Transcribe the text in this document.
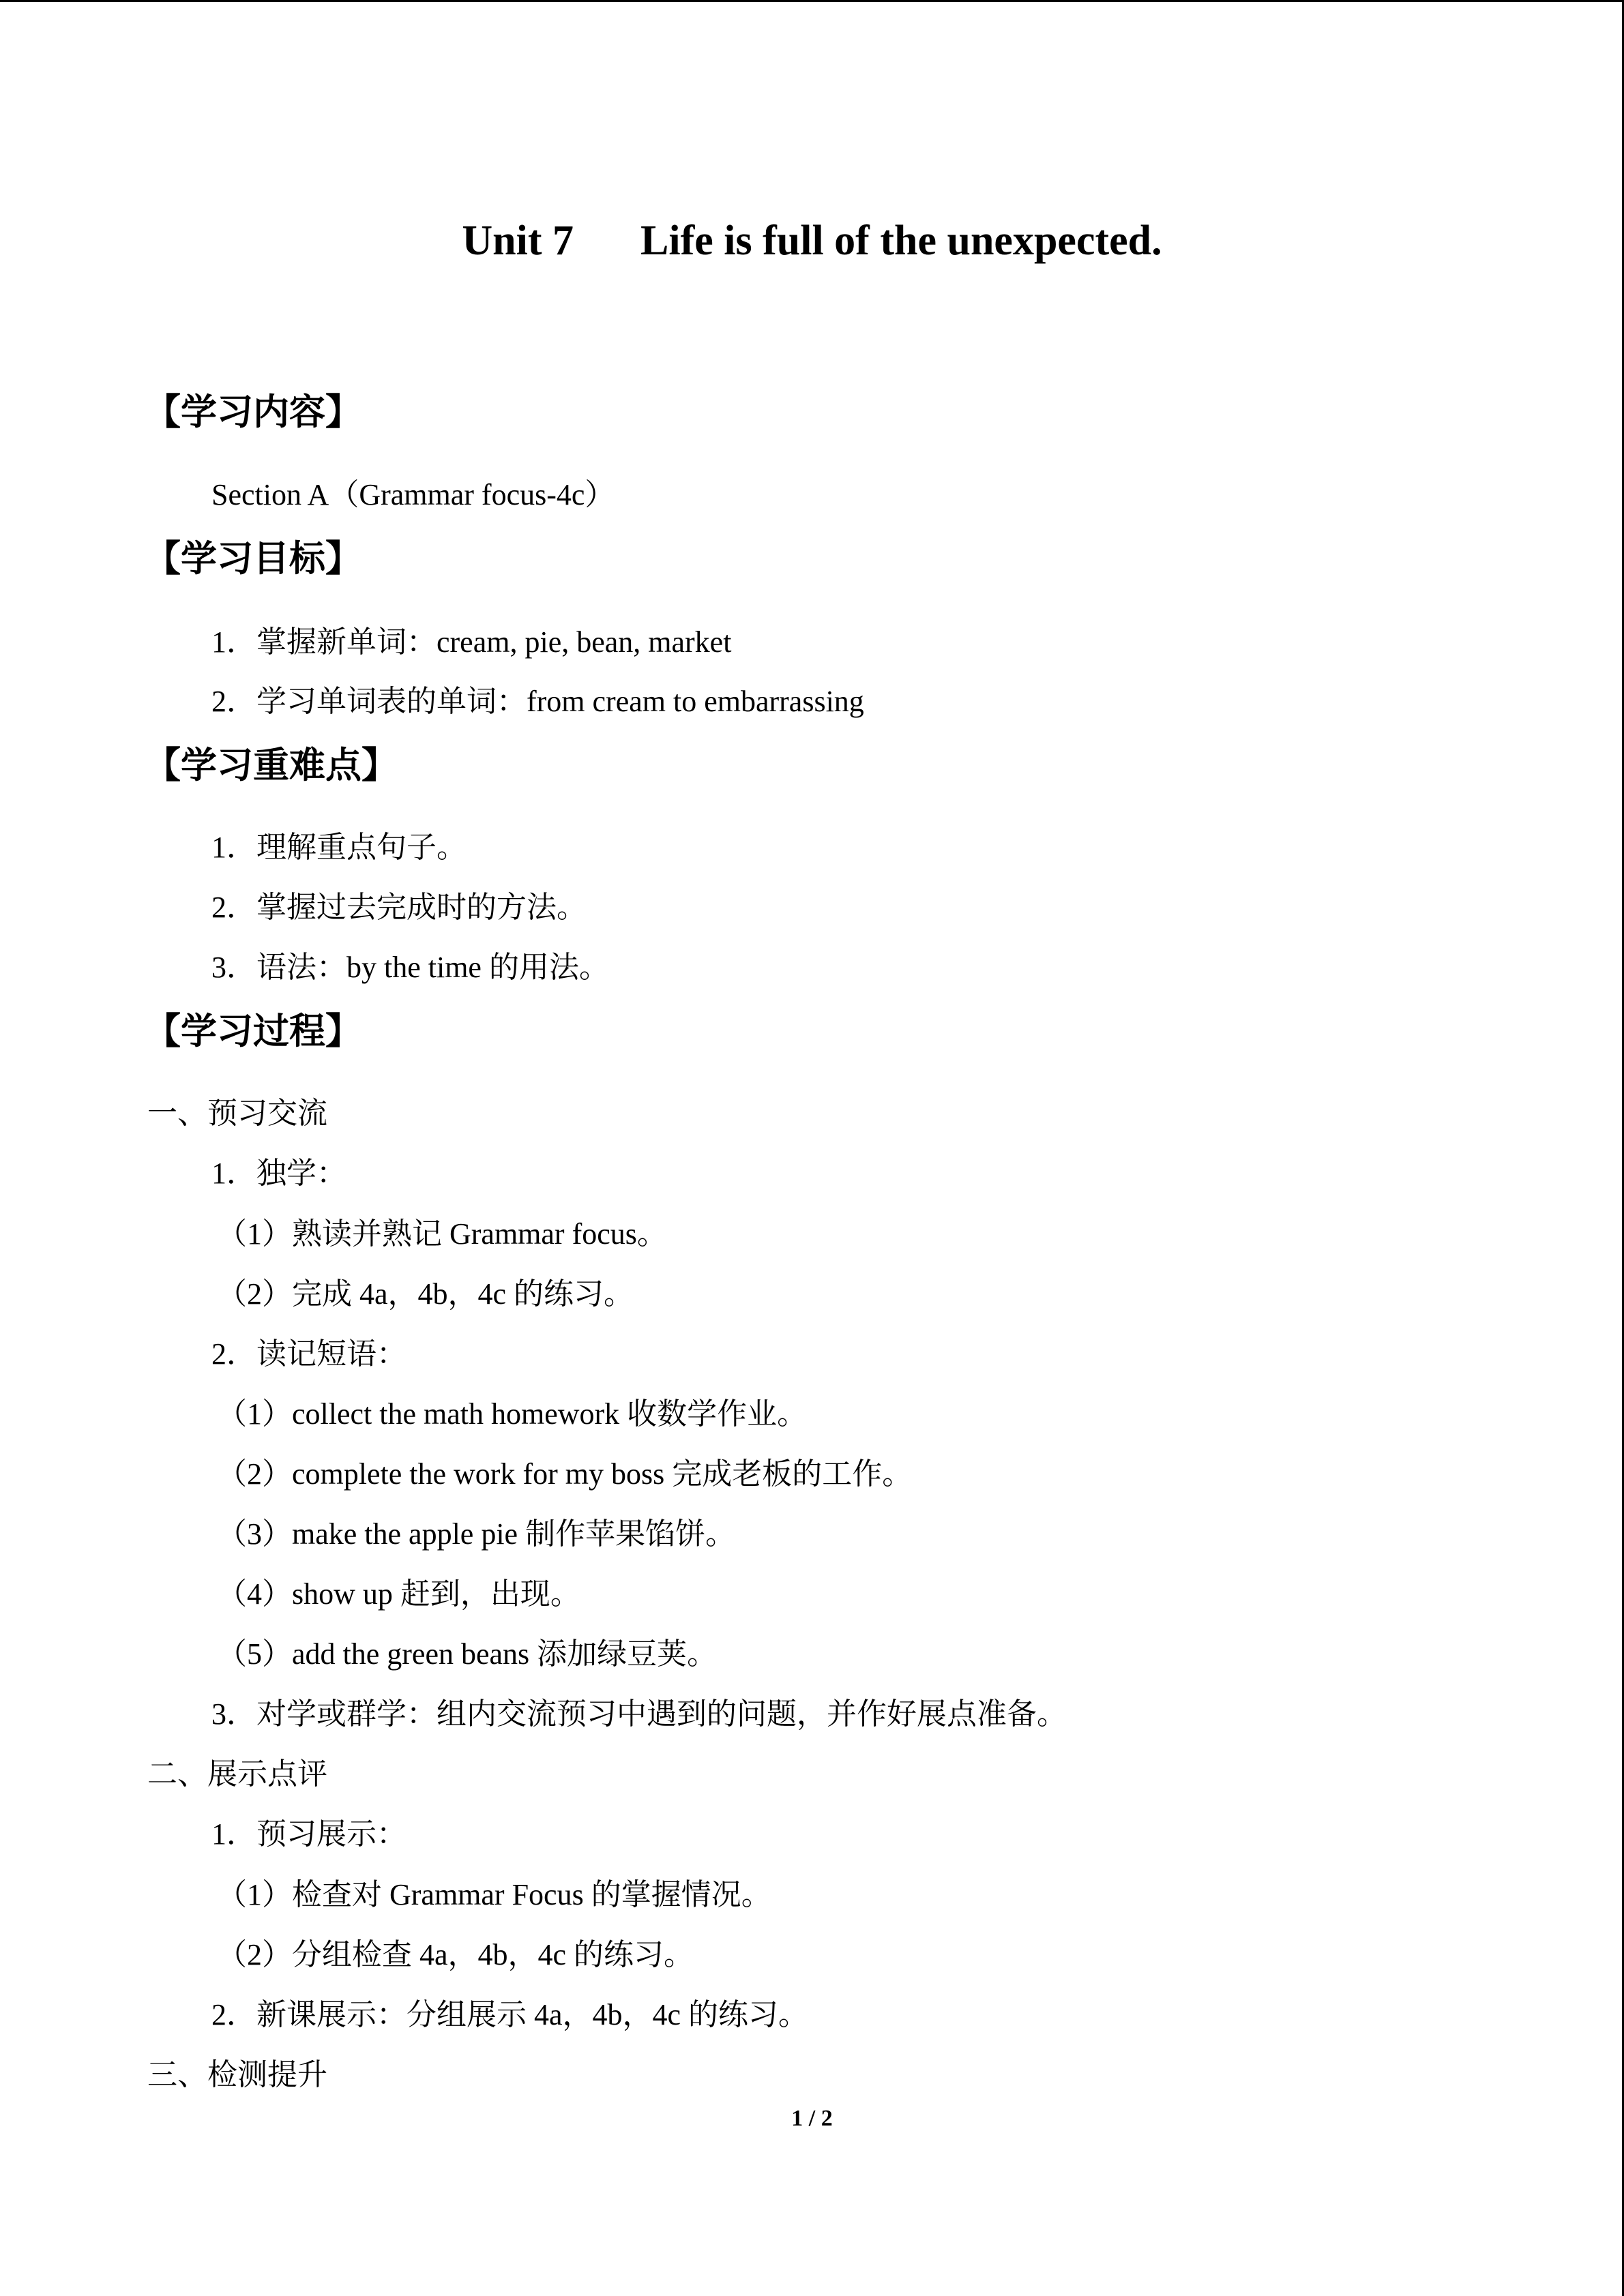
Unit 7 Life is full of the unexpected.
【学习内容】
Section A（Grammar focus-4c）
【学习目标】
1．掌握新单词：cream, pie, bean, market
2．学习单词表的单词：from cream to embarrassing
【学习重难点】
1．理解重点句子。
2．掌握过去完成时的方法。
3．语法：by the time 的用法。
【学习过程】
一、预习交流
1．独学：
（1）熟读并熟记 Grammar focus。
（2）完成 4a，4b，4c 的练习。
2．读记短语：
（1）collect the math homework 收数学作业。
（2）complete the work for my boss 完成老板的工作。
（3）make the apple pie 制作苹果馅饼。
（4）show up 赶到，出现。
（5）add the green beans 添加绿豆荚。
3．对学或群学：组内交流预习中遇到的问题，并作好展点准备。
二、展示点评
1．预习展示：
（1）检查对 Grammar Focus 的掌握情况。
（2）分组检查 4a，4b，4c 的练习。
2．新课展示：分组展示 4a，4b，4c 的练习。
三、检测提升
1 / 2
